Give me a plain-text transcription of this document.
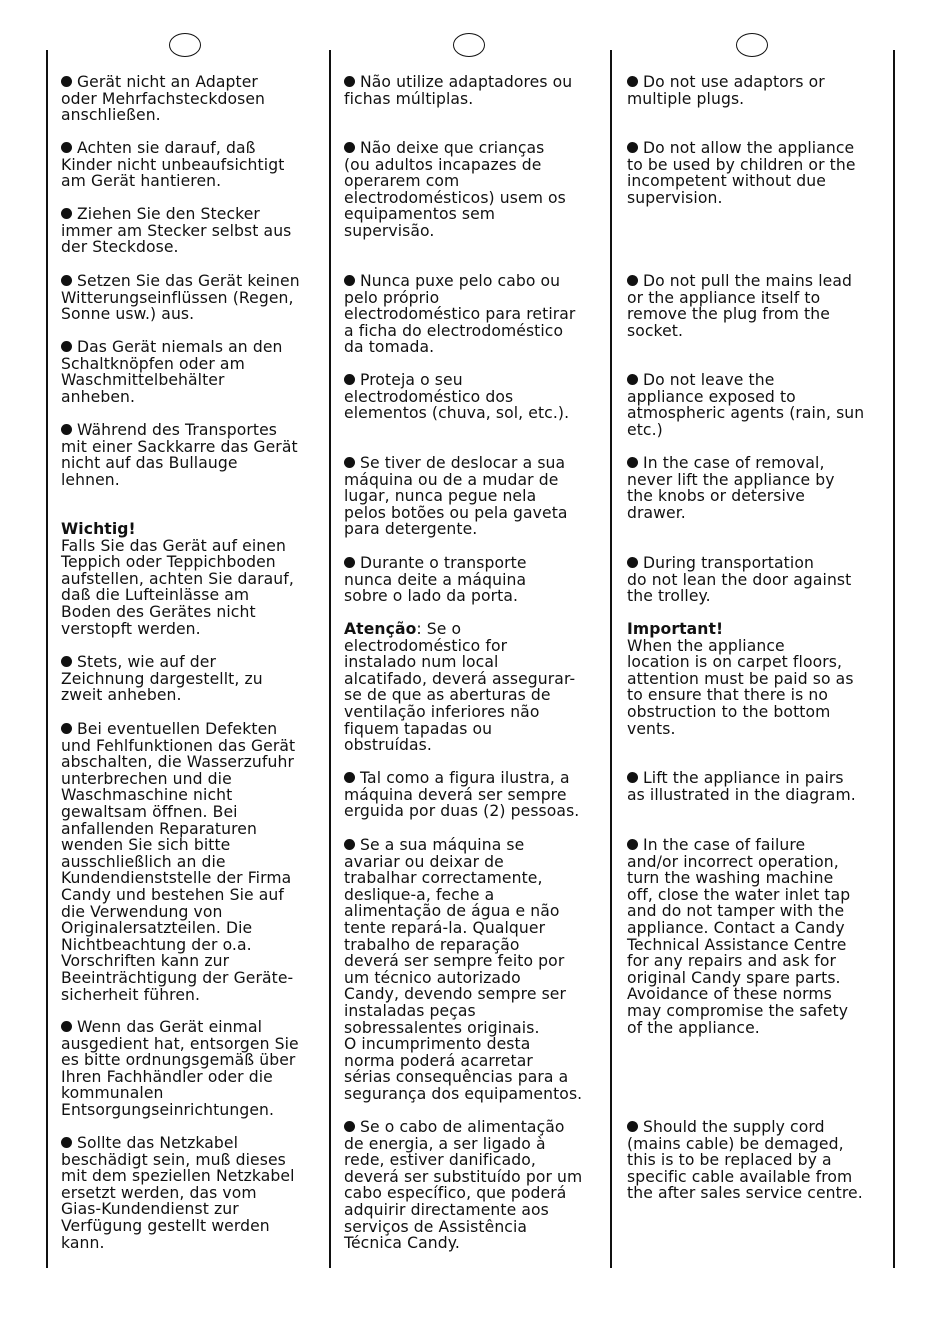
Gerät nicht an Adapter
oder Mehrfachsteckdosen
anschließen.

Achten sie darauf, daß
Kinder nicht unbeaufsichtigt
am Gerät hantieren.

Ziehen Sie den Stecker
immer am Stecker selbst aus
der Steckdose.

Setzen Sie das Gerät keinen
Witterungseinflüssen (Regen,
Sonne usw.) aus.

Das Gerät niemals an den
Schaltknöpfen oder am
Waschmittelbehälter
anheben.

Während des Transportes
mit einer Sackkarre das Gerät
nicht auf das Bullauge
lehnen.

Wichtig!
Falls Sie das Gerät auf einen
Teppich oder Teppichboden
aufstellen, achten Sie darauf,
daß die Lufteinlässe am
Boden des Gerätes nicht
verstopft werden.

Stets, wie auf der
Zeichnung dargestellt, zu
zweit anheben.

Bei eventuellen Defekten
und Fehlfunktionen das Gerät
abschalten, die Wasserzufuhr
unterbrechen und die
Waschmaschine nicht
gewaltsam öffnen. Bei
anfallenden Reparaturen
wenden Sie sich bitte
ausschließlich an die
Kundendienststelle der Firma
Candy und bestehen Sie auf
die Verwendung von
Originalersatzteilen. Die
Nichtbeachtung der o.a.
Vorschriften kann zur
Beeinträchtigung der Geräte-
sicherheit führen.

Wenn das Gerät einmal
ausgedient hat, entsorgen Sie
es bitte ordnungsgemäß über
Ihren Fachhändler oder die
kommunalen
Entsorgungseinrichtungen.

Sollte das Netzkabel
beschädigt sein, muß dieses
mit dem speziellen Netzkabel
ersetzt werden, das vom
Gias-Kundendienst zur
Verfügung gestellt werden
kann.

Não utilize adaptadores ou
fichas múltiplas.

Não deixe que crianças
(ou adultos incapazes de
operarem com
electrodomésticos) usem os
equipamentos sem
supervisão.

Nunca puxe pelo cabo ou
pelo próprio
electrodoméstico para retirar
a ficha do electrodoméstico
da tomada.

Proteja o seu
electrodoméstico dos
elementos (chuva, sol, etc.).

Se tiver de deslocar a sua
máquina ou de a mudar de
lugar, nunca pegue nela
pelos botões ou pela gaveta
para detergente.

Durante o transporte
nunca deite a máquina
sobre o lado da porta.

Atenção: Se o
electrodoméstico for
instalado num local
alcatifado, deverá assegurar-
se de que as aberturas de
ventilação inferiores não
fiquem tapadas ou
obstruídas.

Tal como a figura ilustra, a
máquina deverá ser sempre
erguida por duas (2) pessoas.

Se a sua máquina se
avariar ou deixar de
trabalhar correctamente,
deslique-a, feche a
alimentação de água e não
tente repará-la. Qualquer
trabalho de reparação
deverá ser sempre feito por
um técnico autorizado
Candy, devendo sempre ser
instaladas peças
sobressalentes originais.
O incumprimento desta
norma poderá acarretar
sérias consequências para a
segurança dos equipamentos.

Se o cabo de alimentação
de energia, a ser ligado à
rede, estiver danificado,
deverá ser substituído por um
cabo específico, que poderá
adquirir directamente aos
serviços de Assistência
Técnica Candy.

Do not use adaptors or
multiple plugs.

Do not allow the appliance
to be used by children or the
incompetent without due
supervision.

Do not pull the mains lead
or the appliance itself to
remove the plug from the
socket.

Do not leave the
appliance exposed to
atmospheric agents (rain, sun
etc.)

In the case of removal,
never lift the appliance by
the knobs or detersive
drawer.

During transportation
do not lean the door against
the trolley.

Important!
When the appliance
location is on carpet floors,
attention must be paid so as
to ensure that there is no
obstruction to the bottom
vents.

Lift the appliance in pairs
as illustrated in the diagram.

In the case of failure
and/or incorrect operation,
turn the washing machine
off, close the water inlet tap
and do not tamper with the
appliance. Contact a Candy
Technical Assistance Centre
for any repairs and ask for
original Candy spare parts.
Avoidance of these norms
may compromise the safety
of the appliance.

Should the supply cord
(mains cable) be demaged,
this is to be replaced by a
specific cable available from
the after sales service centre.
